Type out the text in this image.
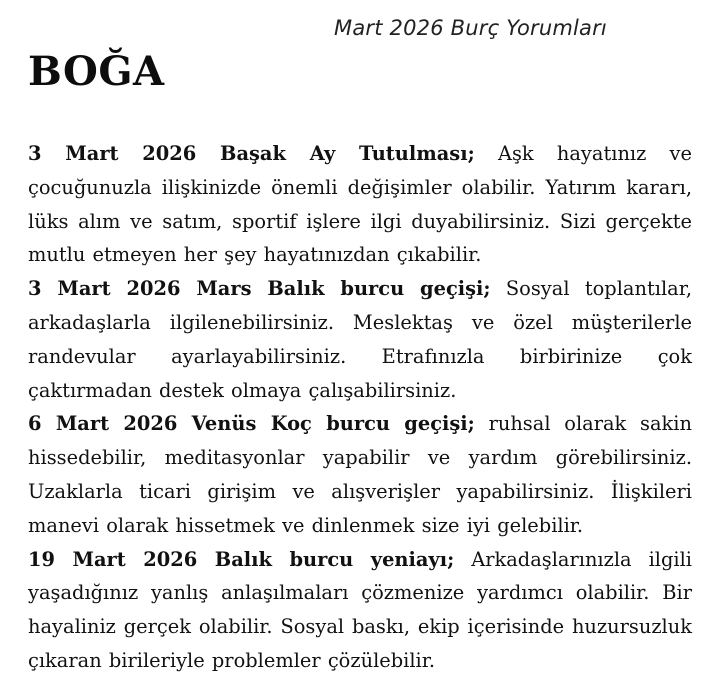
Mart 2026 Burç Yorumları
BOĞA

3 Mart 2026 Başak Ay Tutulması; Aşk hayatınız ve çocuğunuzla ilişkinizde önemli değişimler olabilir. Yatırım kararı, lüks alım ve satım, sportif işlere ilgi duyabilirsiniz. Sizi gerçekte mutlu etmeyen her şey hayatınızdan çıkabilir.

3 Mart 2026 Mars Balık burcu geçişi; Sosyal toplantılar, arkadaşlarla ilgilenebilirsiniz. Meslektaş ve özel müşterilerle randevular ayarlayabilirsiniz. Etrafınızla birbirinize çok çaktırmadan destek olmaya çalışabilirsiniz.

6 Mart 2026 Venüs Koç burcu geçişi; ruhsal olarak sakin hissedebilir, meditasyonlar yapabilir ve yardım görebilirsiniz. Uzaklarla ticari girişim ve alışverişler yapabilirsiniz. İlişkileri manevi olarak hissetmek ve dinlenmek size iyi gelebilir.

19 Mart 2026 Balık burcu yeniayı; Arkadaşlarınızla ilgili yaşadığınız yanlış anlaşılmaları çözmenize yardımcı olabilir. Bir hayaliniz gerçek olabilir. Sosyal baskı, ekip içerisinde huzursuzluk çıkaran birileriyle problemler çözülebilir.
